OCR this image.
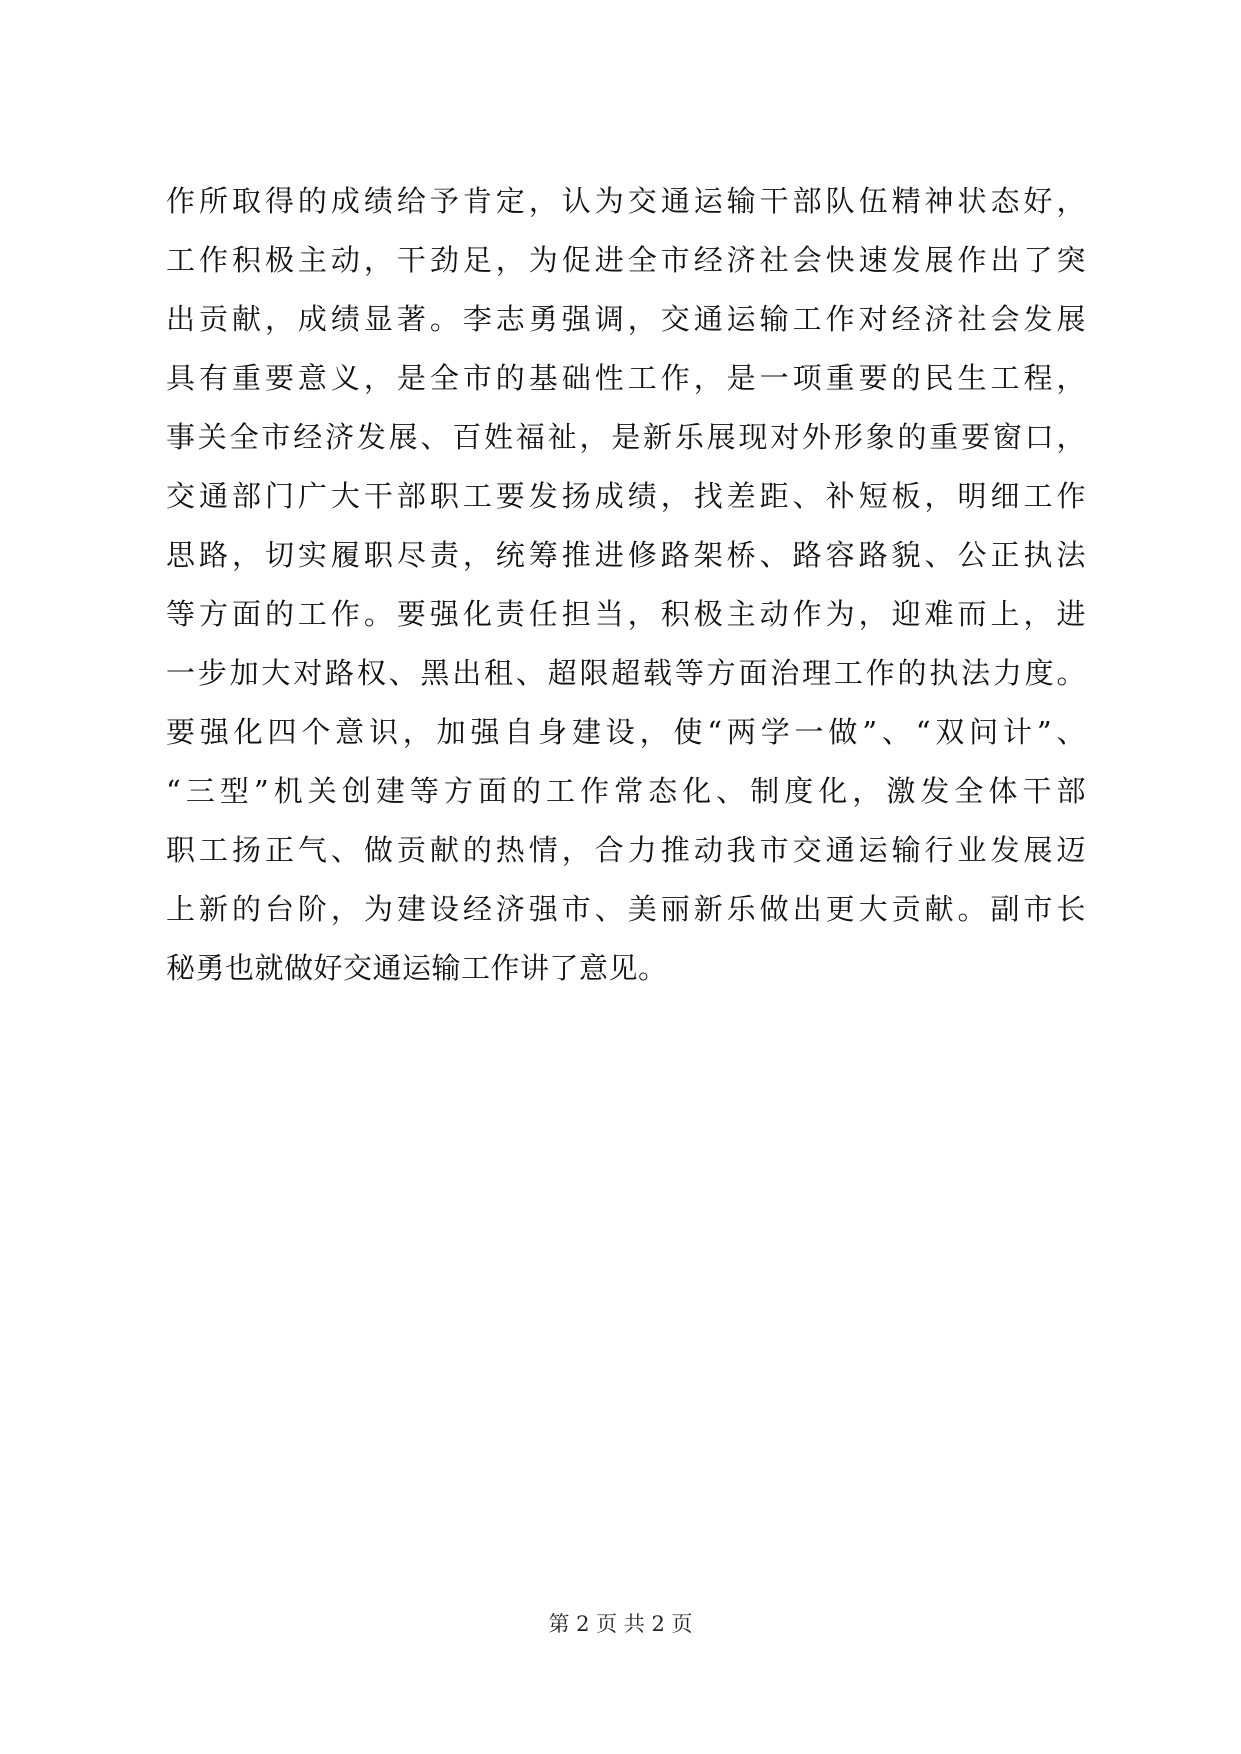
作所取得的成绩给予肯定，认为交通运输干部队伍精神状态好，
工作积极主动，干劲足，为促进全市经济社会快速发展作出了突
出贡献，成绩显著。李志勇强调，交通运输工作对经济社会发展
具有重要意义，是全市的基础性工作，是一项重要的民生工程，
事关全市经济发展、百姓福祉，是新乐展现对外形象的重要窗口，
交通部门广大干部职工要发扬成绩，找差距、补短板，明细工作
思路，切实履职尽责，统筹推进修路架桥、路容路貌、公正执法
等方面的工作。要强化责任担当，积极主动作为，迎难而上，进
一步加大对路权、黑出租、超限超载等方面治理工作的执法力度。
要强化四个意识，加强自身建设，使“两学一做”、“双问计”、
“三型”机关创建等方面的工作常态化、制度化，激发全体干部
职工扬正气、做贡献的热情，合力推动我市交通运输行业发展迈
上新的台阶，为建设经济强市、美丽新乐做出更大贡献。副市长
秘勇也就做好交通运输工作讲了意见。
第 2 页 共 2 页
